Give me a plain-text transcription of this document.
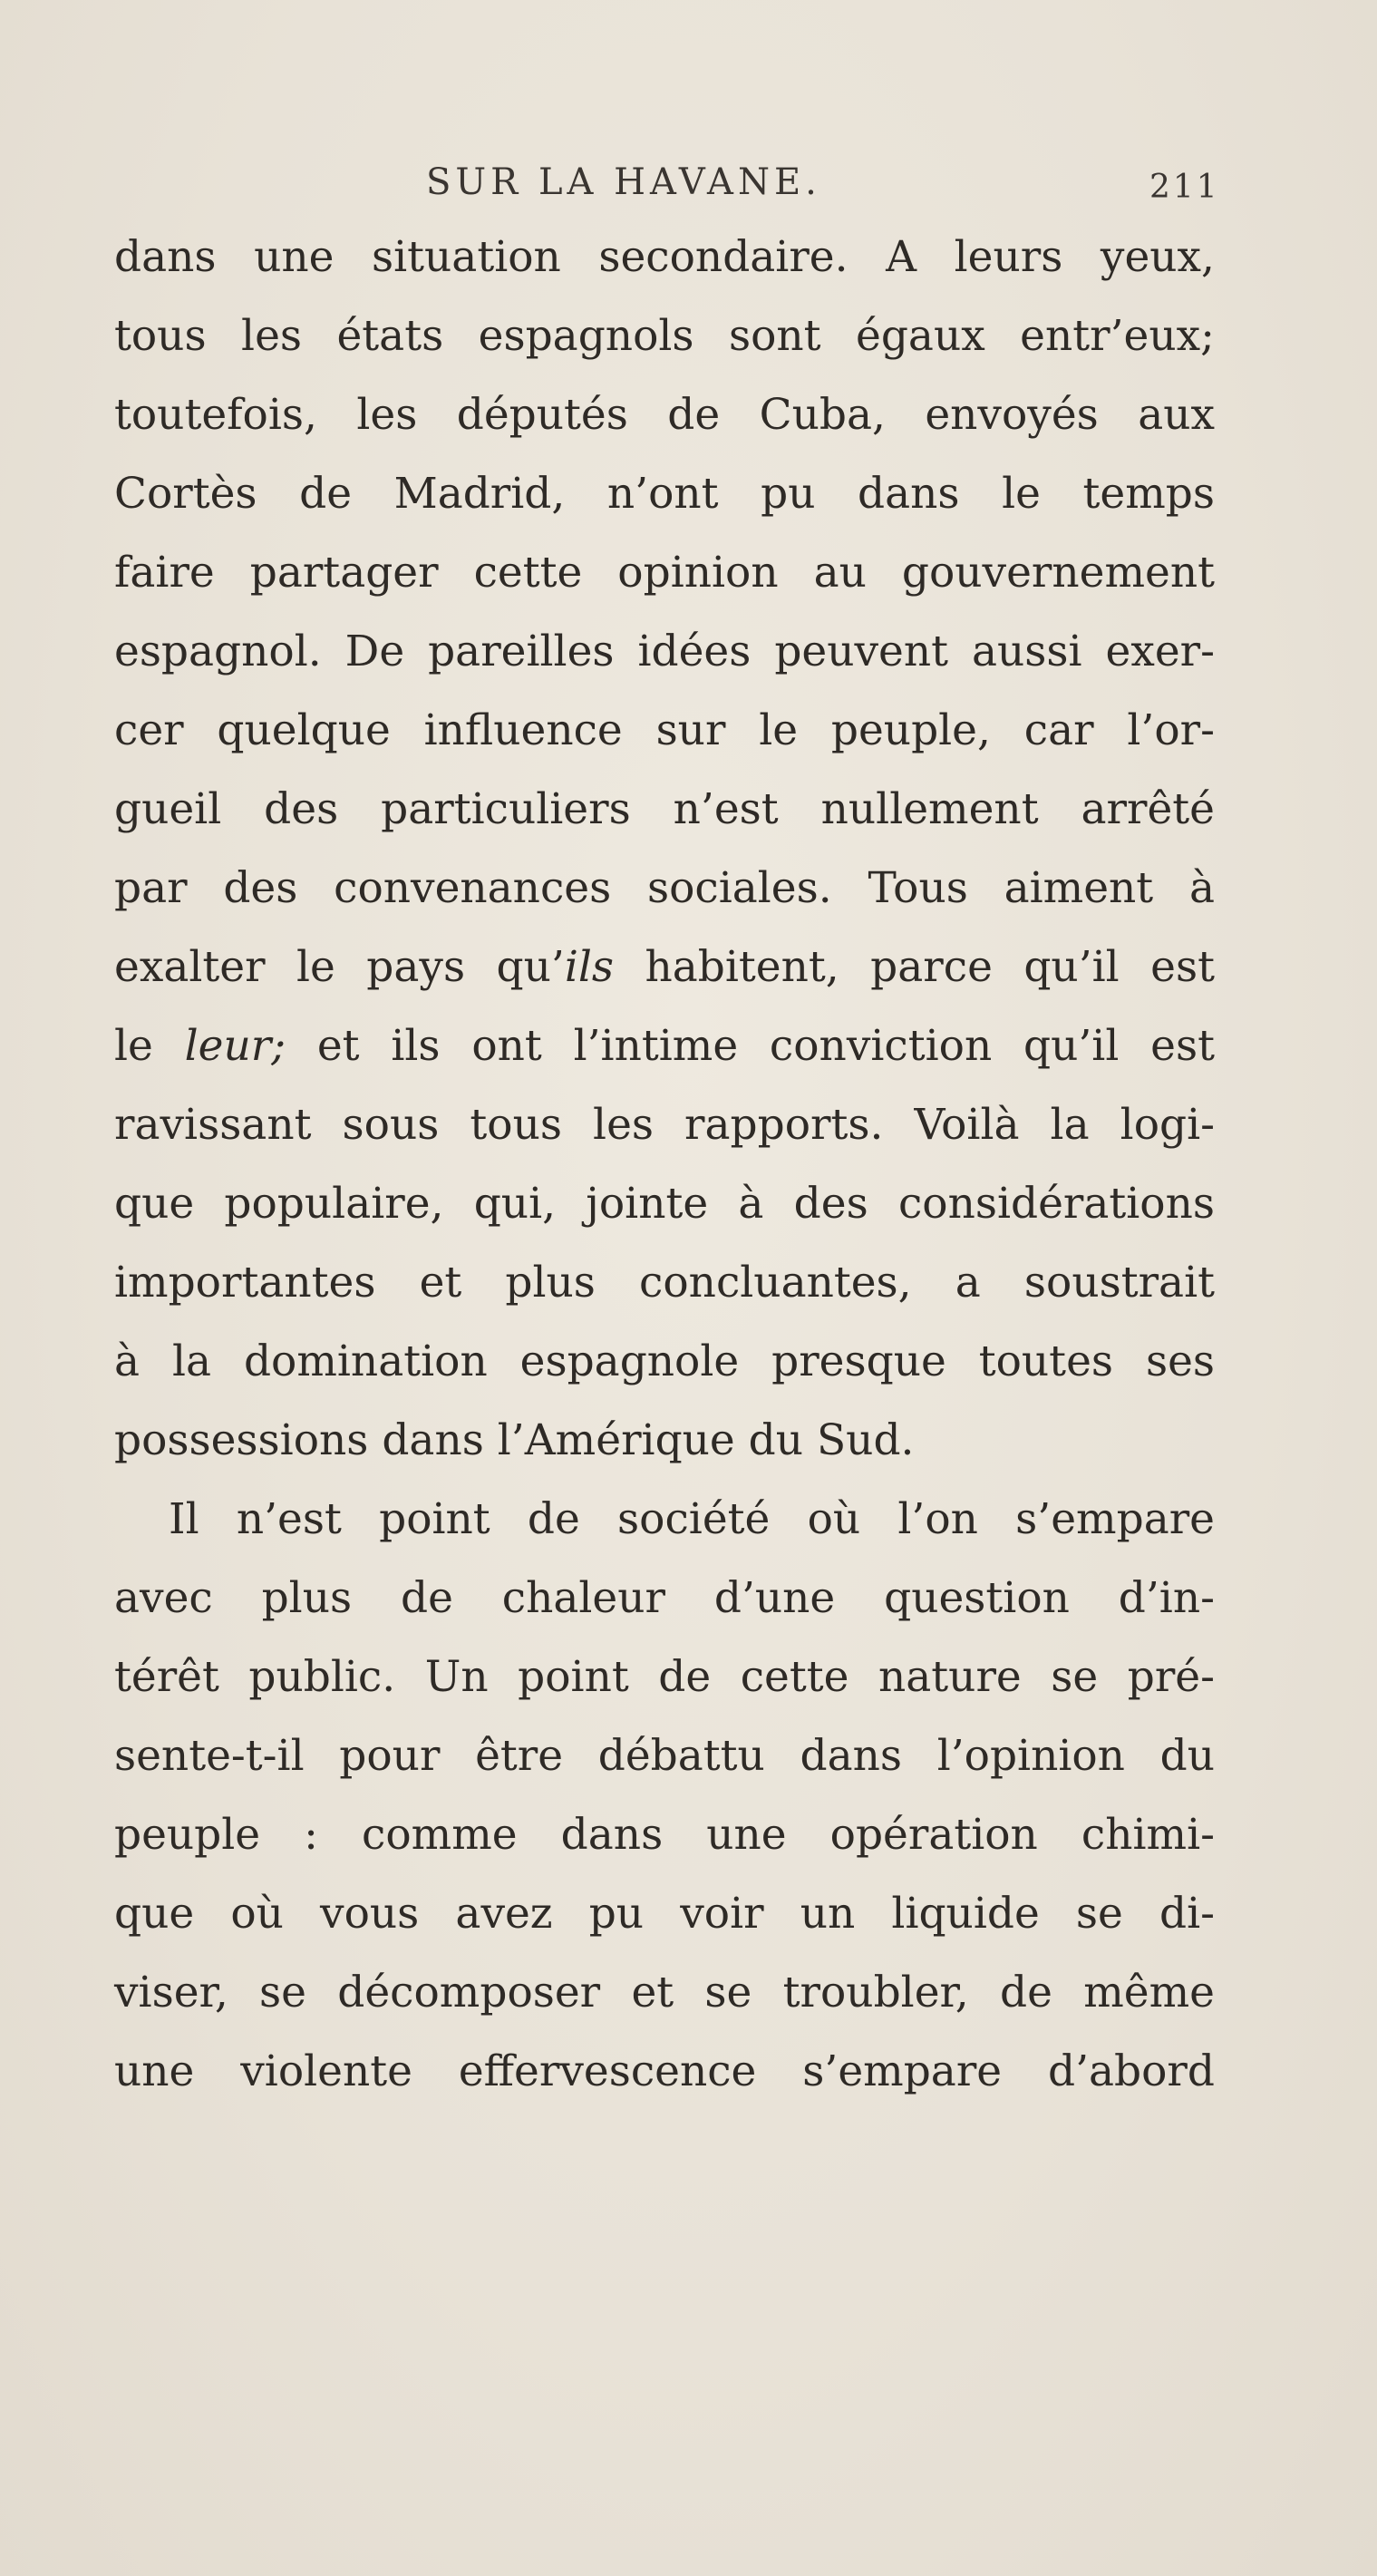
SUR LA HAVANE.	211
dans une situation secondaire. A leurs yeux,
tous les états espagnols sont égaux entr’eux;
toutefois, les députés de Cuba, envoyés aux
Cortès de Madrid, n’ont pu dans le temps
faire partager cette opinion au gouvernement
espagnol. De pareilles idées peuvent aussi exer-
cer quelque influence sur le peuple, car l’or-
gueil des particuliers n’est nullement arrêté
par des convenances sociales. Tous aiment à
exalter le pays qu’ils habitent, parce qu’il est
le leur; et ils ont l’intime conviction qu’il est
ravissant sous tous les rapports. Voilà la logi-
que populaire, qui, jointe à des considérations
importantes et plus concluantes, a soustrait
à la domination espagnole presque toutes ses
possessions dans l’Amérique du Sud.
Il n’est point de société où l’on s’empare
avec plus de chaleur d’une question d’in-
térêt public. Un point de cette nature se pré-
sente-t-il pour être débattu dans l’opinion du
peuple : comme dans une opération chimi-
que où vous avez pu voir un liquide se di-
viser, se décomposer et se troubler, de même
une violente effervescence s’empare d’abord
